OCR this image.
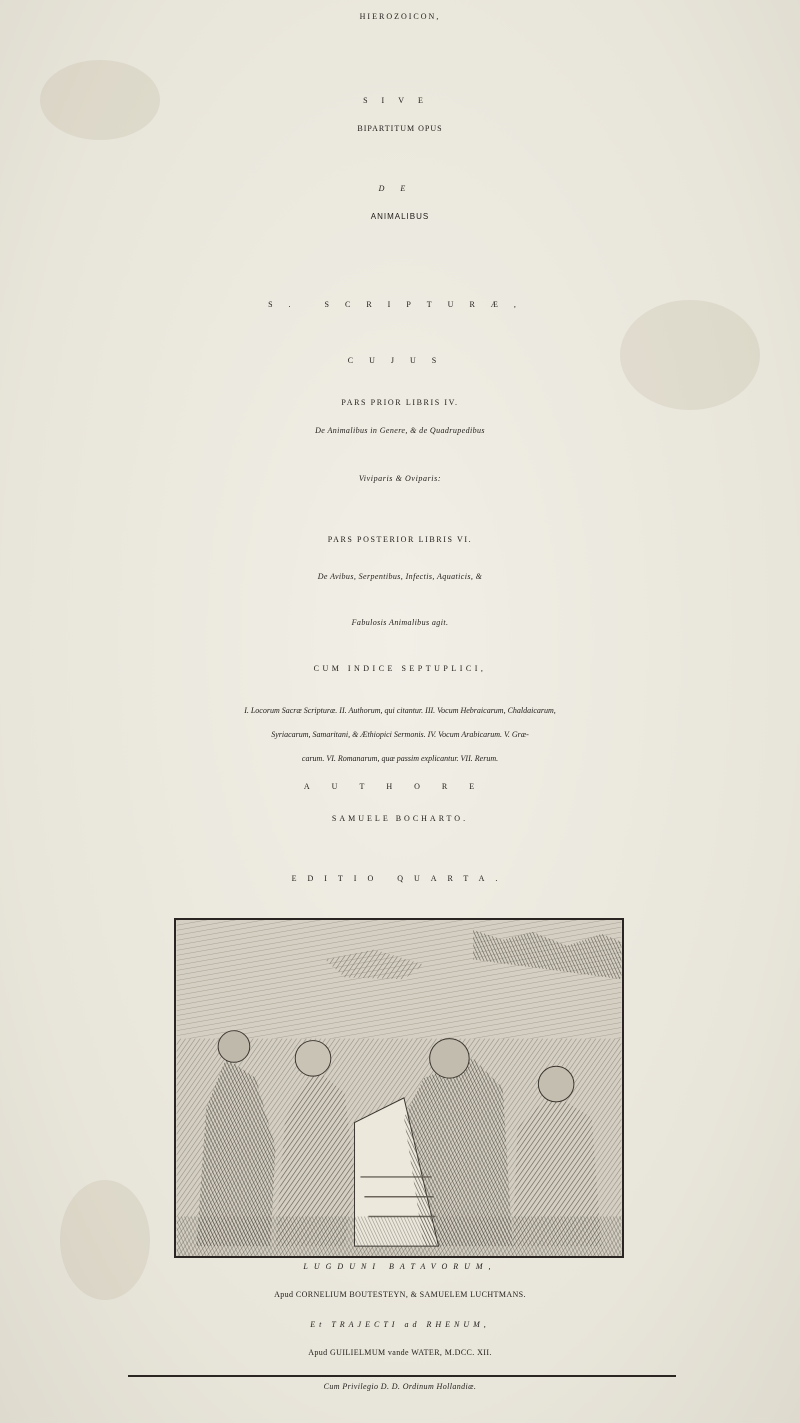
HIEROZOICON,
SIVE
BIPARTITUM OPUS
DE
ANIMALIBUS
S. SCRIPTURÆ,
CUJUS
PARS PRIOR LIBRIS IV.
De Animalibus in Genere, & de Quadrupedibus
Viviparis & Oviparis:
PARS POSTERIOR LIBRIS VI.
De Avibus, Serpentibus, Infectis, Aquaticis, &
Fabulosis Animalibus agit.
CUM INDICE SEPTUPLICI,
I. Locorum Sacræ Scripturæ. II. Authorum, qui citantur. III. Vocum Hebraicarum, Chaldaicarum,
Syriacarum, Samaritani, & Æthiopici Sermonis. IV. Vocum Arabicarum. V. Græ-
carum. VI. Romanarum, quæ passim explicantur. VII. Rerum.
AUTHORE
SAMUELE BOCHARTO.
EDITIO QUARTA.
LUGDUNI BATAVORUM,
Apud CORNELIUM BOUTESTEYN, & SAMUELEM LUCHTMANS.
Et TRAJECTI ad RHENUM,
Apud GUILIELMUM vande WATER, M.DCC. XII.
Cum Privilegio D. D. Ordinum Hollandiæ.
